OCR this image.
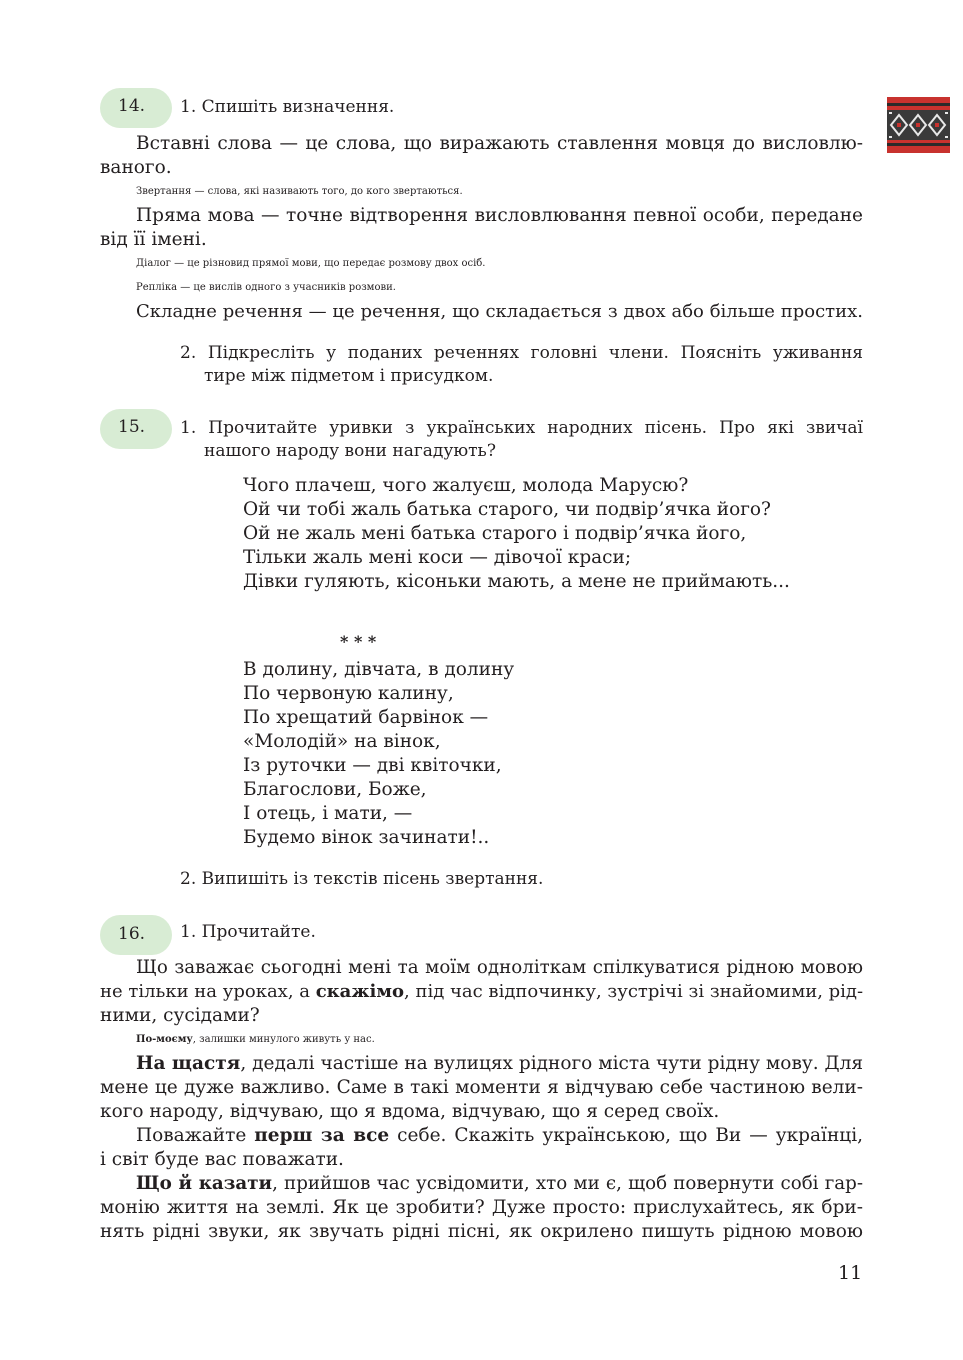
14.	1. Спишіть визначення.
Вставні слова — це слова, що виражають ставлення мовця до висловлю-
ваного.
Звертання — слова, які називають того, до кого звертаються.
Пряма мова — точне відтворення висловлювання певної особи, передане
від її імені.
Діалог — це різновид прямої мови, що передає розмову двох осіб.
Репліка — це вислів одного з учасників розмови.
Складне речення — це речення, що складається з двох або більше простих.
2. Підкресліть у поданих реченнях головні члени. Поясніть уживання
тире між підметом і присудком.
15.	1. Прочитайте уривки з українських народних пісень. Про які звичаї
нашого народу вони нагадують?
Чого плачеш, чого жалуєш, молода Марусю?
Ой чи тобі жаль батька старого, чи подвір’ячка його?
Ой не жаль мені батька старого і подвір’ячка його,
Тільки жаль мені коси — дівочої краси;
Дівки гуляють, кісоньки мають, а мене не приймають...
* * *
В долину, дівчата, в долину
По червоную калину,
По хрещатий барвінок —
«Молодій» на вінок,
Із руточки — дві квіточки,
Благослови, Боже,
І отець, і мати, —
Будемо вінок зачинати!..
2. Випишіть із текстів пісень звертання.
16.	1. Прочитайте.
Що заважає сьогодні мені та моїм одноліткам спілкуватися рідною мовою
не тільки на уроках, а скажімо, під час відпочинку, зустрічі зі знайомими, рід-
ними, сусідами?
По-моєму, залишки минулого живуть у нас.
На щастя, дедалі частіше на вулицях рідного міста чути рідну мову. Для
мене це дуже важливо. Саме в такі моменти я відчуваю себе частиною вели-
кого народу, відчуваю, що я вдома, відчуваю, що я серед своїх.
Поважайте перш за все себе. Скажіть українською, що Ви — українці,
і світ буде вас поважати.
Що й казати, прийшов час усвідомити, хто ми є, щоб повернути собі гар-
монію життя на землі. Як це зробити? Дуже просто: прислухайтесь, як бри-
нять рідні звуки, як звучать рідні пісні, як окрилено пишуть рідною мовою
11
